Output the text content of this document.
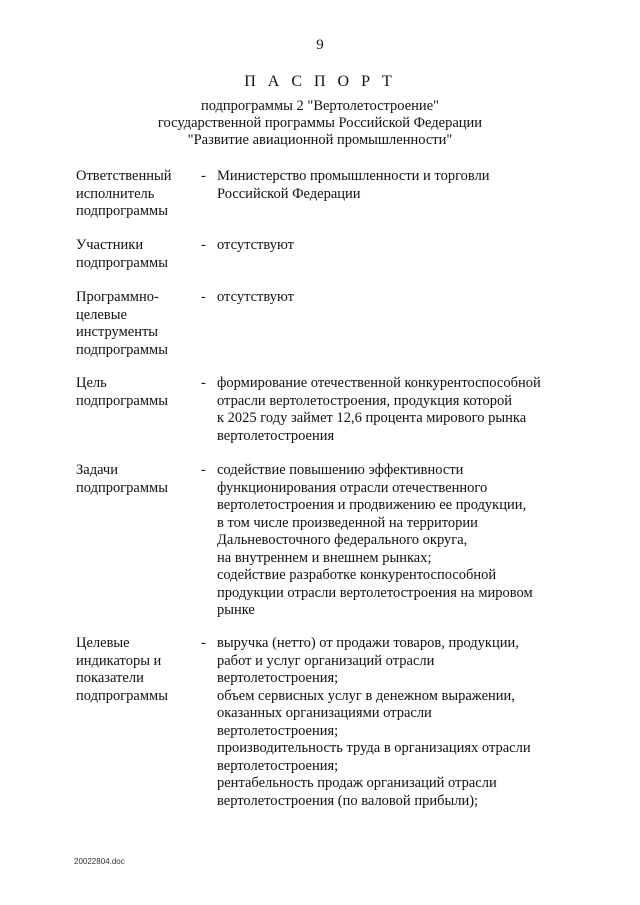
9
П А С П О Р Т
подпрограммы 2 "Вертолетостроение"
государственной программы Российской Федерации
"Развитие авиационной промышленности"
Ответственный
исполнитель
подпрограммы
- Министерство промышленности и торговли
Российской Федерации
Участники
подпрограммы
- отсутствуют
Программно-
целевые
инструменты
подпрограммы
- отсутствуют
Цель
подпрограммы
- формирование отечественной конкурентоспособной
отрасли вертолетостроения, продукция которой
к 2025 году займет 12,6 процента мирового рынка
вертолетостроения
Задачи
подпрограммы
- содействие повышению эффективности
функционирования отрасли отечественного
вертолетостроения и продвижению ее продукции,
в том числе произведенной на территории
Дальневосточного федерального округа,
на внутреннем и внешнем рынках;
содействие разработке конкурентоспособной
продукции отрасли вертолетостроения на мировом
рынке
Целевые
индикаторы и
показатели
подпрограммы
- выручка (нетто) от продажи товаров, продукции,
работ и услуг организаций отрасли
вертолетостроения;
объем сервисных услуг в денежном выражении,
оказанных организациями отрасли
вертолетостроения;
производительность труда в организациях отрасли
вертолетостроения;
рентабельность продаж организаций отрасли
вертолетостроения (по валовой прибыли);
20022804.doc
